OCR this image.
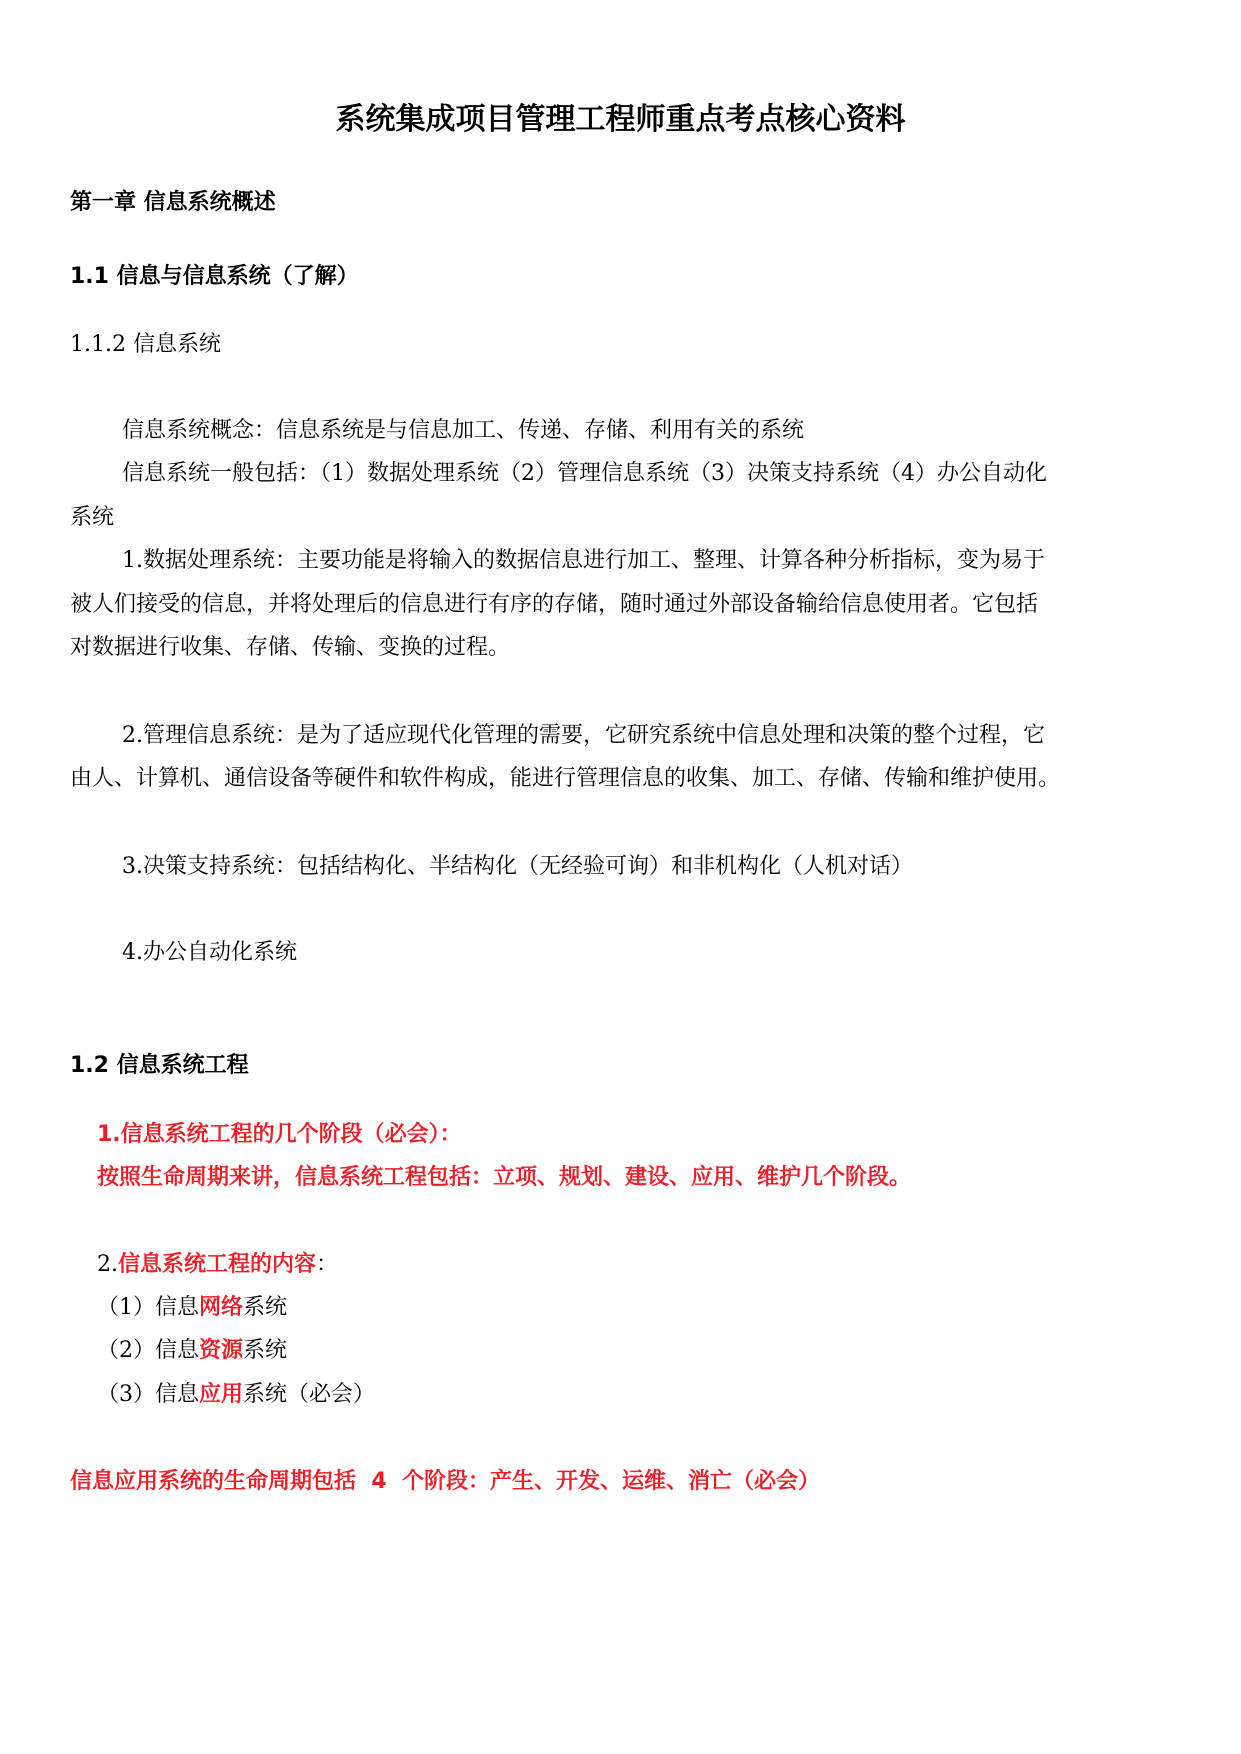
系统集成项目管理工程师重点考点核心资料
第一章 信息系统概述
1.1 信息与信息系统（了解）
1.1.2 信息系统
信息系统概念：信息系统是与信息加工、传递、存储、利用有关的系统
信息系统一般包括：（1）数据处理系统（2）管理信息系统（3）决策支持系统（4）办公自动化
系统
1.数据处理系统：主要功能是将输入的数据信息进行加工、整理、计算各种分析指标，变为易于
被人们接受的信息，并将处理后的信息进行有序的存储，随时通过外部设备输给信息使用者。它包括
对数据进行收集、存储、传输、变换的过程。
2.管理信息系统：是为了适应现代化管理的需要，它研究系统中信息处理和决策的整个过程，它
由人、计算机、通信设备等硬件和软件构成，能进行管理信息的收集、加工、存储、传输和维护使用。
3.决策支持系统：包括结构化、半结构化（无经验可询）和非机构化（人机对话）
4.办公自动化系统
1.2 信息系统工程
1.信息系统工程的几个阶段（必会）：
按照生命周期来讲，信息系统工程包括：立项、规划、建设、应用、维护几个阶段。
2.信息系统工程的内容：
（1）信息网络系统
（2）信息资源系统
（3）信息应用系统（必会）
信息应用系统的生命周期包括  4  个阶段：产生、开发、运维、消亡（必会）
